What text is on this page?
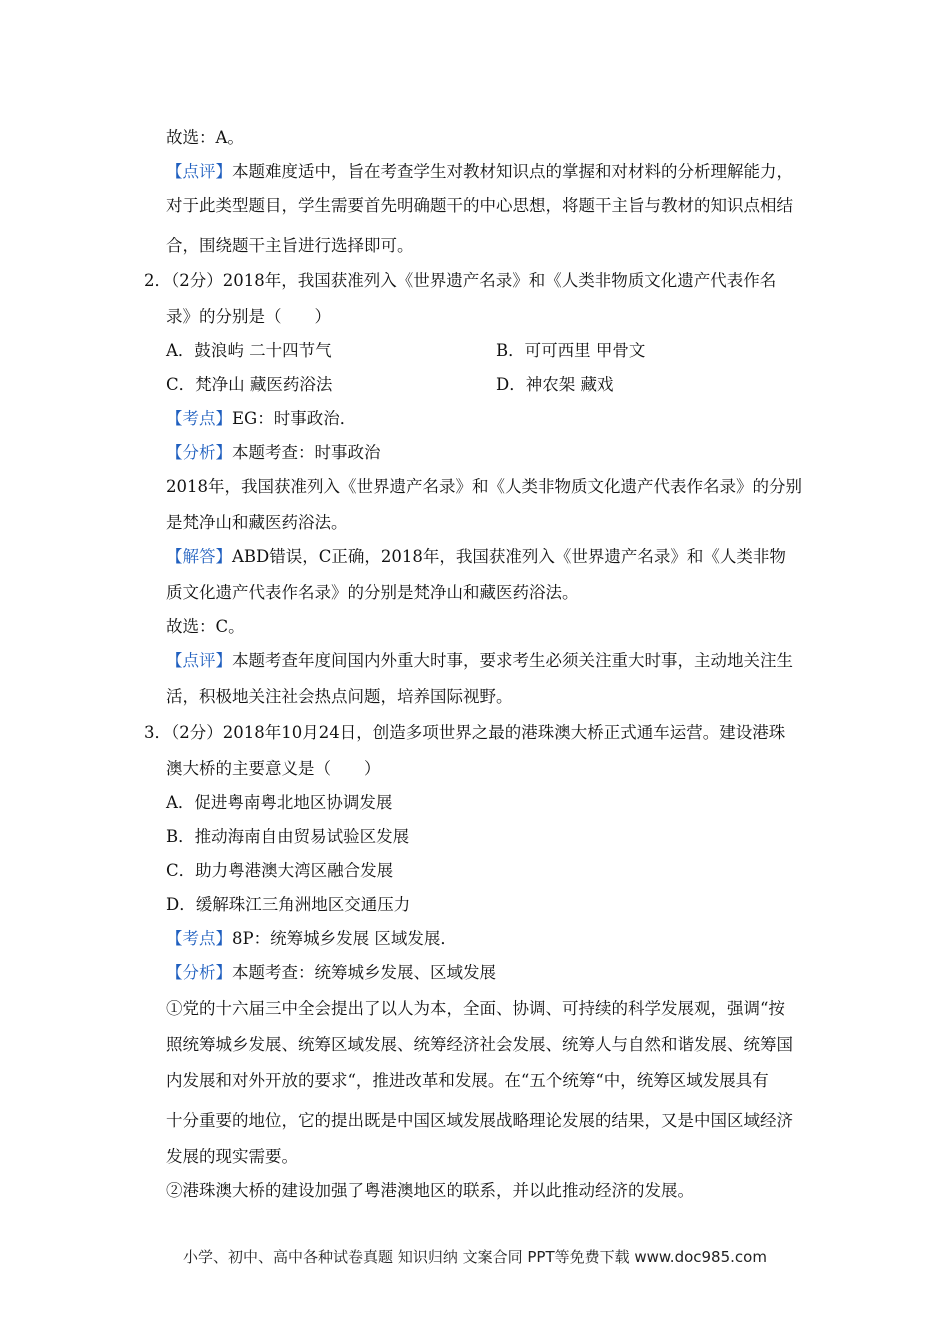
故选：A。
【点评】本题难度适中，旨在考查学生对教材知识点的掌握和对材料的分析理解能力，
对于此类型题目，学生需要首先明确题干的中心思想，将题干主旨与教材的知识点相结
合，围绕题干主旨进行选择即可。
2．（2分）2018年，我国获准列入《世界遗产名录》和《人类非物质文化遗产代表作名
录》的分别是（　　）
A．鼓浪屿 二十四节气	B．可可西里 甲骨文
C．梵净山 藏医药浴法	D．神农架 藏戏
【考点】EG：时事政治．
【分析】本题考查：时事政治
2018年，我国获准列入《世界遗产名录》和《人类非物质文化遗产代表作名录》的分别
是梵净山和藏医药浴法。
【解答】ABD错误，C正确，2018年，我国获准列入《世界遗产名录》和《人类非物
质文化遗产代表作名录》的分别是梵净山和藏医药浴法。
故选：C。
【点评】本题考查年度间国内外重大时事，要求考生必须关注重大时事，主动地关注生
活，积极地关注社会热点问题，培养国际视野。
3．（2分）2018年10月24日，创造多项世界之最的港珠澳大桥正式通车运营。建设港珠
澳大桥的主要意义是（　　）
A．促进粤南粤北地区协调发展
B．推动海南自由贸易试验区发展
C．助力粤港澳大湾区融合发展
D．缓解珠江三角洲地区交通压力
【考点】8P：统筹城乡发展 区域发展．
【分析】本题考查：统筹城乡发展、区域发展
①党的十六届三中全会提出了以人为本，全面、协调、可持续的科学发展观，强调“按
照统筹城乡发展、统筹区域发展、统筹经济社会发展、统筹人与自然和谐发展、统筹国
内发展和对外开放的要求“，推进改革和发展。在“五个统筹“中，统筹区域发展具有
十分重要的地位，它的提出既是中国区域发展战略理论发展的结果，又是中国区域经济
发展的现实需要。
②港珠澳大桥的建设加强了粤港澳地区的联系，并以此推动经济的发展。
小学、初中、高中各种试卷真题 知识归纳 文案合同 PPT等免费下载 www.doc985.com
